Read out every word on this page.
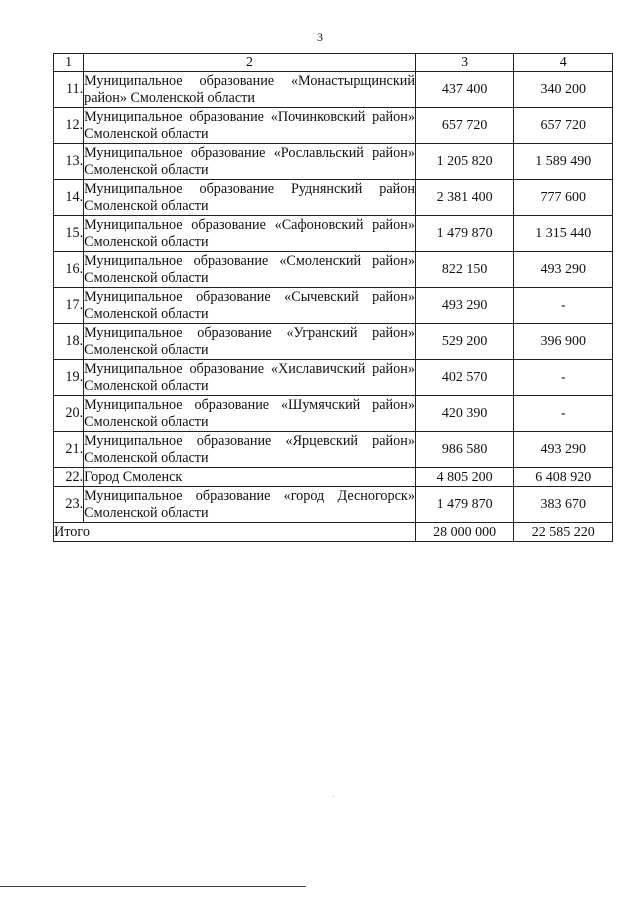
3
1	2	3	4
11.	Муниципальное образование «Монастырщинский район» Смоленской области	437 400	340 200
12.	Муниципальное образование «Починковский район» Смоленской области	657 720	657 720
13.	Муниципальное образование «Рославльский район» Смоленской области	1 205 820	1 589 490
14.	Муниципальное образование Руднянский район Смоленской области	2 381 400	777 600
15.	Муниципальное образование «Сафоновский район» Смоленской области	1 479 870	1 315 440
16.	Муниципальное образование «Смоленский район» Смоленской области	822 150	493 290
17.	Муниципальное образование «Сычевский район» Смоленской области	493 290	-
18.	Муниципальное образование «Угранский район» Смоленской области	529 200	396 900
19.	Муниципальное образование «Хиславичский район» Смоленской области	402 570	-
20.	Муниципальное образование «Шумячский район» Смоленской области	420 390	-
21.	Муниципальное образование «Ярцевский район» Смоленской области	986 580	493 290
22.	Город Смоленск	4 805 200	6 408 920
23.	Муниципальное образование «город Десногорск» Смоленской области	1 479 870	383 670
Итого		28 000 000	22 585 220
